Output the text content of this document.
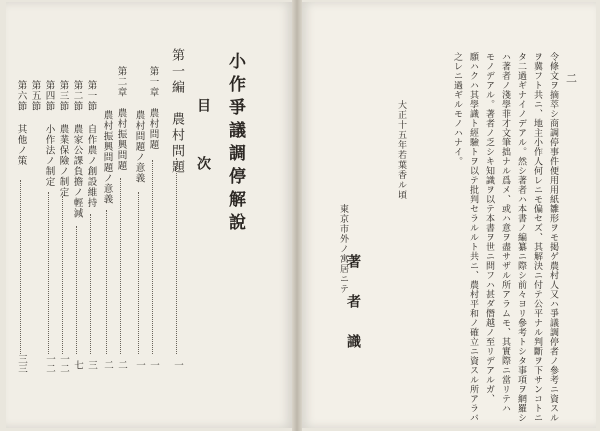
小作爭議調停解說
目 次
第一編　農村問題
一
第一章　農村問題
一
農村問題ノ意義
一
第二章　農村振興問題
二
農村振興問題ノ意義
二
第一節
自作農ノ創設維持
三
第二節
農家公課負擔ノ輕減
七
第三節
農業保險ノ制定
一二
第四節
小作法ノ制定
一二
第五節
第六節
其他ノ策
三三
二
令條文ヲ摘萃シ商調停事件便用用紙雛形ヲモ掲ゲ農村人又ハ爭議調停者ノ參考ニ資スル
ヲ冀フト共ニ、地主小作人何レニモ偏セズ、其解決ニ付テ公平ナル判斷ヲ下サンコトニ
タ二過ギナイノデアル。然シ著者ハ本書ノ編纂ニ際シ前々ヨリ參考トシタ事項ヲ網羅シ
ハ著者ノ淺學菲才文筆拙ナル爲メ、或ハ意ヲ盡サザル所アラムモ、其實際ニ當リテハ
モノデアル。著者ノ乏シキ知識ヲ以テ本書ヲ世ニ問フハ甚ダ僭越ノ至リデアルガ、
願ハクハ其學識ト經驗トヲ以テ批判セラルルト共ニ、農村平和ノ確立ニ資スル所アラバ
之レニ過ギルモノハナイ。
大正十五年若葉香ル頃
東京市外ノ寓居ニテ
著者識
